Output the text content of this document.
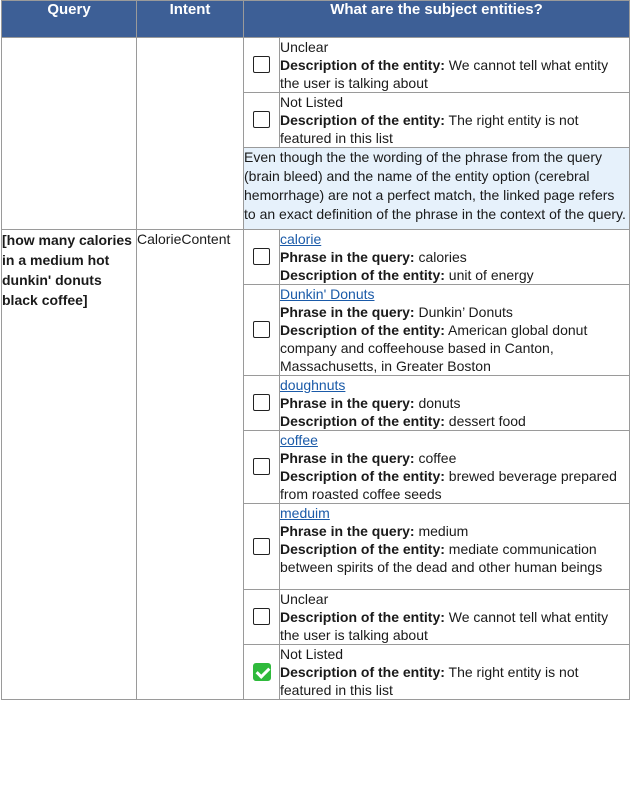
Query	Intent	What are the subject entities?	

			Unclear
Description of the entity: We cannot tell what entity the user is talking about

			Not Listed
Description of the entity: The right entity is not featured in this list

		Even though the the wording of the phrase from the query (brain bleed) and the name of the entity option (cerebral hemorrhage) are not a perfect match, the linked page refers to an exact definition of the phrase in the context of the query.	
[how many calories in a medium hot dunkin' donuts black coffee]	CalorieContent		calorie
Phrase in the query: calories
Description of the entity: unit of energy

			Dunkin' Donuts
Phrase in the query: Dunkin’ Donuts
Description of the entity: American global donut company and coffeehouse based in Canton, Massachusetts, in Greater Boston

			doughnuts
Phrase in the query: donuts
Description of the entity: dessert food

			coffee
Phrase in the query: coffee
Description of the entity: brewed beverage prepared from roasted coffee seeds

			meduim
Phrase in the query: medium
Description of the entity: mediate communication between spirits of the dead and other human beings

			Unclear
Description of the entity: We cannot tell what entity the user is talking about

			Not Listed
Description of the entity: The right entity is not featured in this list
